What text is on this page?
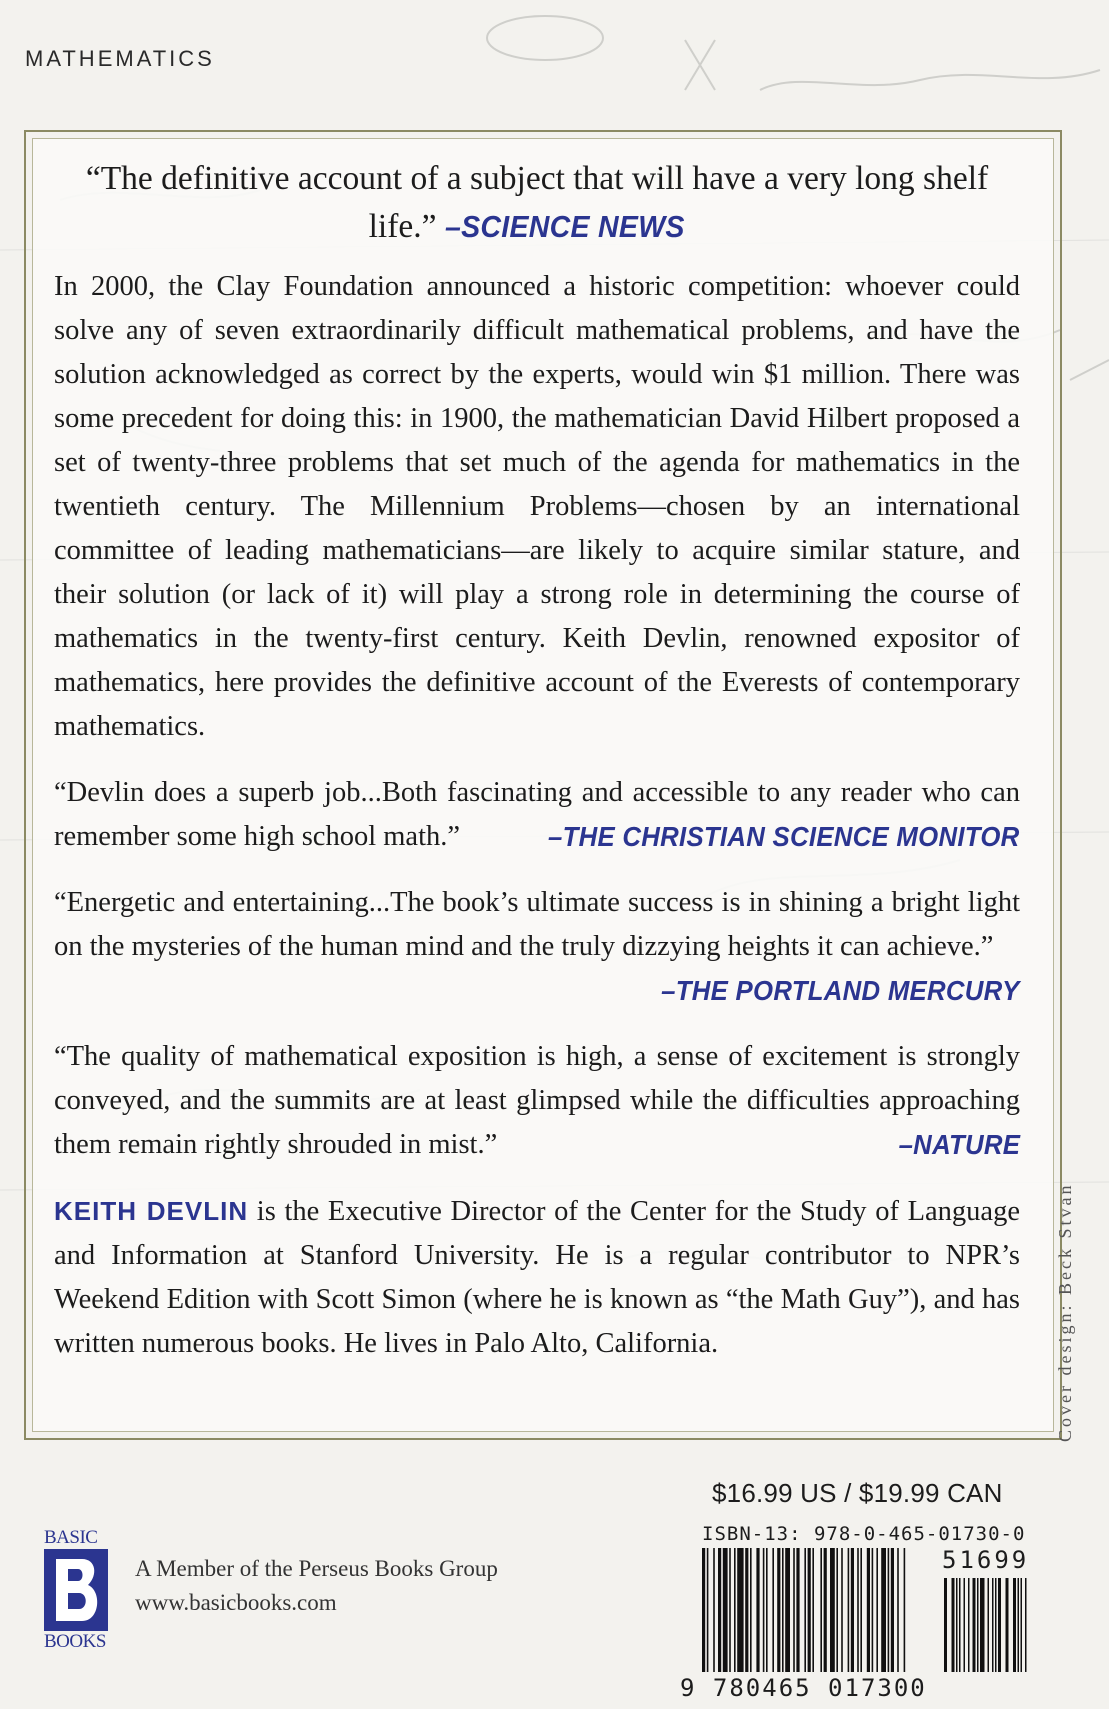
MATHEMATICS
“The definitive account of a subject that will have a very long shelf life.” –SCIENCE NEWS

In 2000, the Clay Foundation announced a historic competition: whoever could solve any of seven extraordinarily difficult mathematical problems, and have the solution acknowledged as correct by the experts, would win $1 million. There was some precedent for doing this: in 1900, the mathematician David Hilbert proposed a set of twenty-three problems that set much of the agenda for mathematics in the twentieth century. The Millennium Problems—chosen by an international committee of leading mathematicians—are likely to acquire similar stature, and their solution (or lack of it) will play a strong role in determining the course of mathematics in the twenty-first century. Keith Devlin, renowned expositor of mathematics, here provides the definitive account of the Everests of contemporary mathematics.

“Devlin does a superb job...Both fascinating and accessible to any reader who can remember some high school math.”	–THE CHRISTIAN SCIENCE MONITOR
“Energetic and entertaining...The book’s ultimate success is in shining a bright light on the mysteries of the human mind and the truly dizzying heights it can achieve.”
–THE PORTLAND MERCURY
“The quality of mathematical exposition is high, a sense of excitement is strongly conveyed, and the summits are at least glimpsed while the difficulties approaching them remain rightly shrouded in mist.”	–NATURE

KEITH DEVLIN is the Executive Director of the Center for the Study of Language and Information at Stanford University. He is a regular contributor to NPR’s Weekend Edition with Scott Simon (where he is known as “the Math Guy”), and has written numerous books. He lives in Palo Alto, California.	Cover design: Beck Stvan
BASIC
BOOKS
A Member of the Perseus Books Group
www.basicbooks.com
$16.99 US / $19.99 CAN
ISBN-13: 978-0-465-01730-0
51699
9 780465 017300
